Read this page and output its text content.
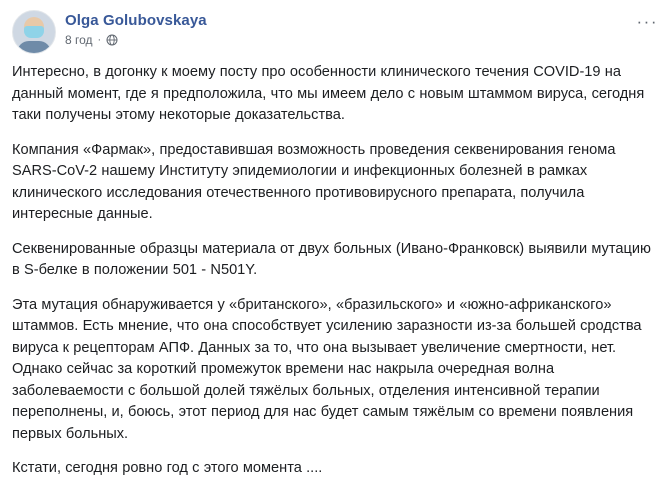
Olga Golubovskaya
8 год ·
···

Интересно, в догонку к моему посту про особенности клинического течения COVID-19 на данный момент, где я предположила, что мы имеем дело с новым штаммом вируса, сегодня таки получены этому некоторые доказательства.

Компания «Фармак», предоставившая возможность проведения секвенирования генома SARS-CoV-2 нашему Институту эпидемиологии и инфекционных болезней в рамках клинического исследования отечественного противовирусного препарата, получила интересные данные.

Секвенированные образцы материала от двух больных (Ивано-Франковск) выявили мутацию в S-белке в положении 501 - N501Y.

Эта мутация обнаруживается у «британского», «бразильского» и «южно-африканского» штаммов. Есть мнение, что она способствует усилению заразности из-за большей сродства вируса к рецепторам АПФ. Данных за то, что она вызывает увеличение смертности, нет. Однако сейчас за короткий промежуток времени нас накрыла очередная волна заболеваемости с большой долей тяжёлых больных, отделения интенсивной терапии переполнены, и, боюсь, этот период для нас будет самым тяжёлым со времени появления первых больных.

Кстати, сегодня ровно год с этого момента ....
